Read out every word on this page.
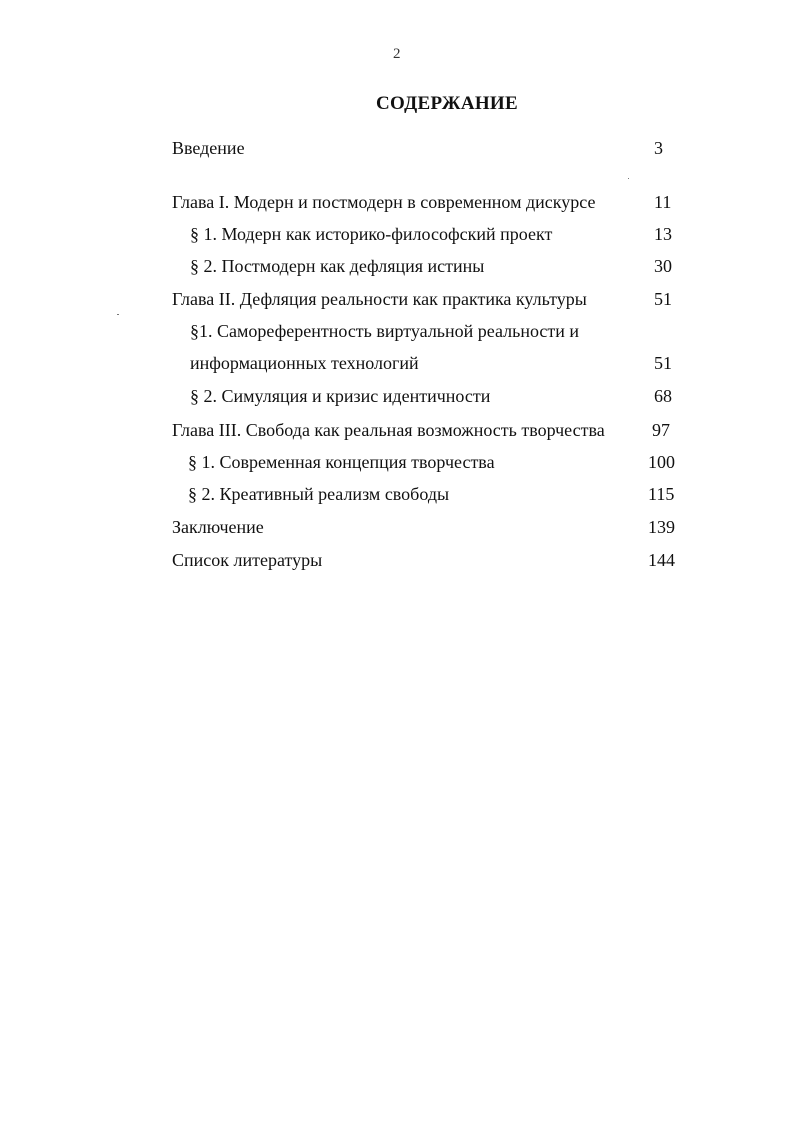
2
СОДЕРЖАНИЕ
Введение	3
Глава I. Модерн и постмодерн в современном дискурсе	11
§ 1. Модерн как историко-философский проект	13
§ 2. Постмодерн как дефляция истины	30
Глава II. Дефляция реальности как практика культуры	51
§1. Самореферентность виртуальной реальности и
информационных технологий	51
§ 2. Симуляция и кризис идентичности	68
Глава III. Свобода как реальная возможность творчества	97
§ 1. Современная концепция творчества	100
§ 2. Креативный реализм свободы	115
Заключение	139
Список литературы	144
